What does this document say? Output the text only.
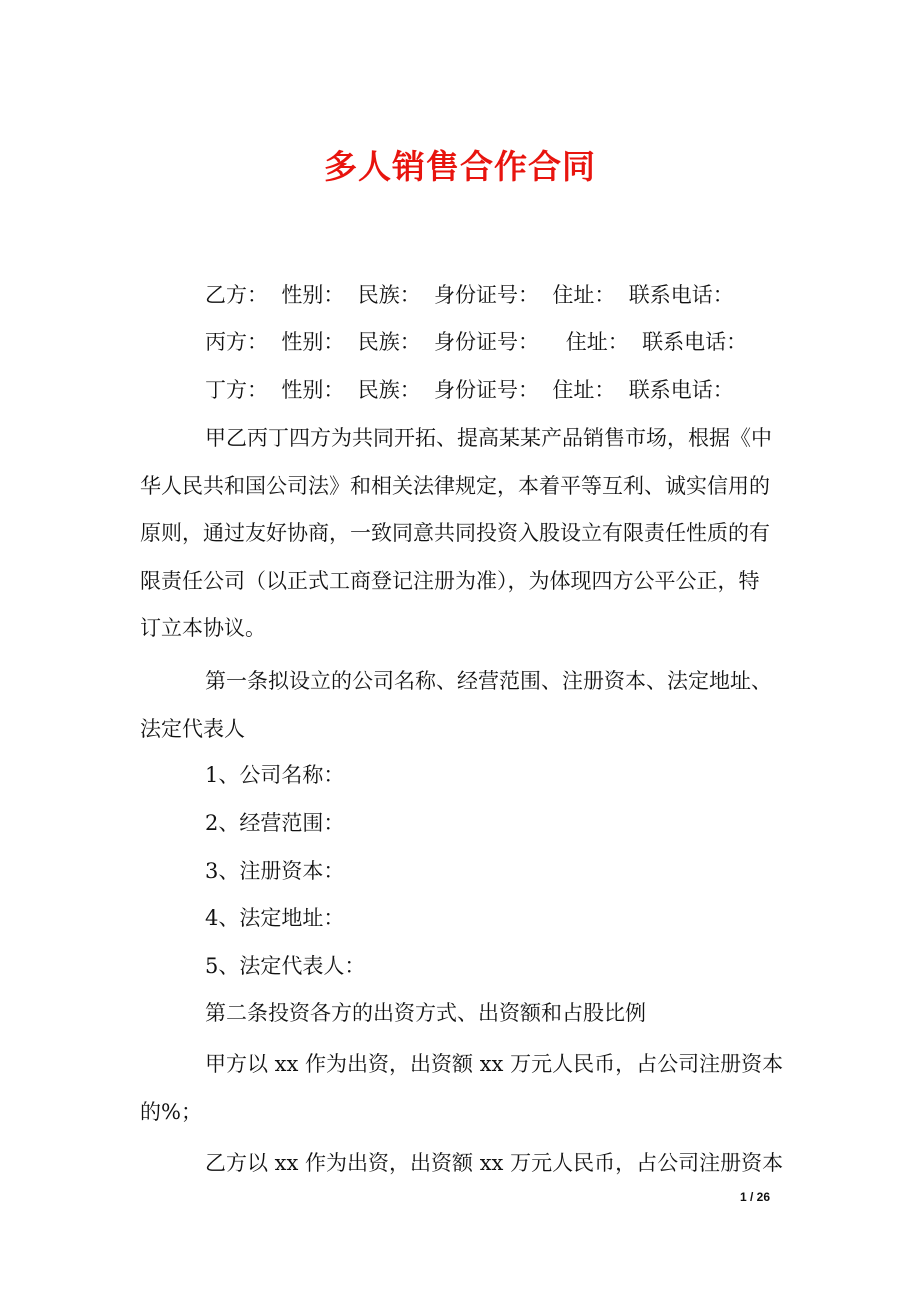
多人销售合作合同
乙方：  性别：  民族：  身份证号：  住址：  联系电话：
丙方：  性别：  民族：  身份证号：    住址：  联系电话：
丁方：  性别：  民族：  身份证号：  住址：  联系电话：
甲乙丙丁四方为共同开拓、提高某某产品销售市场，根据《中
华人民共和国公司法》和相关法律规定，本着平等互利、诚实信用的
原则，通过友好协商，一致同意共同投资入股设立有限责任性质的有
限责任公司（以正式工商登记注册为准），为体现四方公平公正，特
订立本协议。
第一条拟设立的公司名称、经营范围、注册资本、法定地址、
法定代表人
1、公司名称：
2、经营范围：
3、注册资本：
4、法定地址：
5、法定代表人：
第二条投资各方的出资方式、出资额和占股比例
甲方以 xx 作为出资，出资额 xx 万元人民币，占公司注册资本
的%；
乙方以 xx 作为出资，出资额 xx 万元人民币，占公司注册资本
1 / 26
